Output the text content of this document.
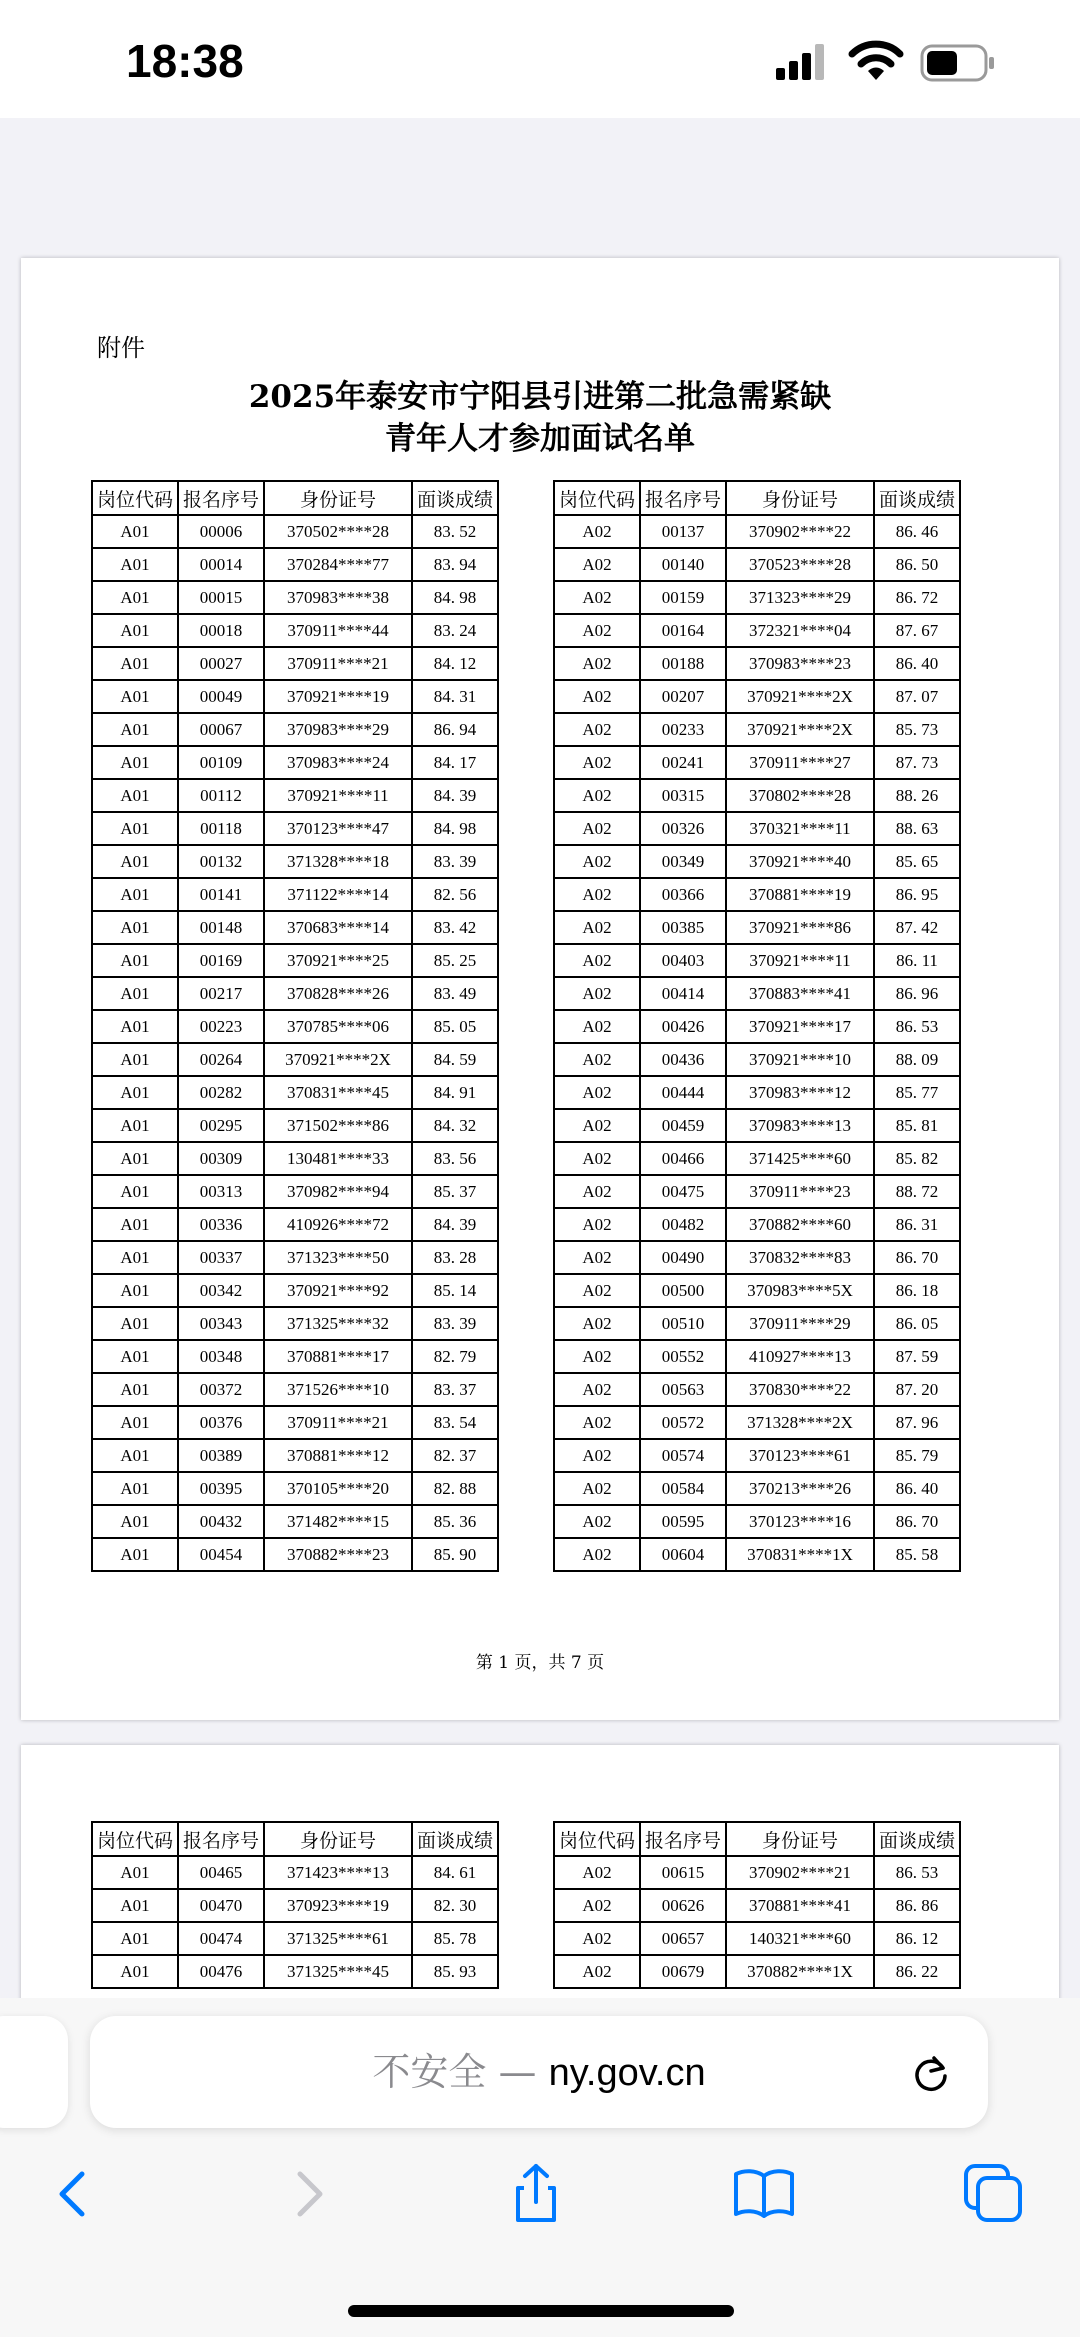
18:38
附件
2025年泰安市宁阳县引进第二批急需紧缺
青年人才参加面试名单
岗位代码	报名序号	身份证号	面谈成绩
A01	00006	370502****28	83. 52
A01	00014	370284****77	83. 94
A01	00015	370983****38	84. 98
A01	00018	370911****44	83. 24
A01	00027	370911****21	84. 12
A01	00049	370921****19	84. 31
A01	00067	370983****29	86. 94
A01	00109	370983****24	84. 17
A01	00112	370921****11	84. 39
A01	00118	370123****47	84. 98
A01	00132	371328****18	83. 39
A01	00141	371122****14	82. 56
A01	00148	370683****14	83. 42
A01	00169	370921****25	85. 25
A01	00217	370828****26	83. 49
A01	00223	370785****06	85. 05
A01	00264	370921****2X	84. 59
A01	00282	370831****45	84. 91
A01	00295	371502****86	84. 32
A01	00309	130481****33	83. 56
A01	00313	370982****94	85. 37
A01	00336	410926****72	84. 39
A01	00337	371323****50	83. 28
A01	00342	370921****92	85. 14
A01	00343	371325****32	83. 39
A01	00348	370881****17	82. 79
A01	00372	371526****10	83. 37
A01	00376	370911****21	83. 54
A01	00389	370881****12	82. 37
A01	00395	370105****20	82. 88
A01	00432	371482****15	85. 36
A01	00454	370882****23	85. 90
岗位代码	报名序号	身份证号	面谈成绩
A02	00137	370902****22	86. 46
A02	00140	370523****28	86. 50
A02	00159	371323****29	86. 72
A02	00164	372321****04	87. 67
A02	00188	370983****23	86. 40
A02	00207	370921****2X	87. 07
A02	00233	370921****2X	85. 73
A02	00241	370911****27	87. 73
A02	00315	370802****28	88. 26
A02	00326	370321****11	88. 63
A02	00349	370921****40	85. 65
A02	00366	370881****19	86. 95
A02	00385	370921****86	87. 42
A02	00403	370921****11	86. 11
A02	00414	370883****41	86. 96
A02	00426	370921****17	86. 53
A02	00436	370921****10	88. 09
A02	00444	370983****12	85. 77
A02	00459	370983****13	85. 81
A02	00466	371425****60	85. 82
A02	00475	370911****23	88. 72
A02	00482	370882****60	86. 31
A02	00490	370832****83	86. 70
A02	00500	370983****5X	86. 18
A02	00510	370911****29	86. 05
A02	00552	410927****13	87. 59
A02	00563	370830****22	87. 20
A02	00572	371328****2X	87. 96
A02	00574	370123****61	85. 79
A02	00584	370213****26	86. 40
A02	00595	370123****16	86. 70
A02	00604	370831****1X	85. 58
第 1 页，共 7 页
岗位代码	报名序号	身份证号	面谈成绩
A01	00465	371423****13	84. 61
A01	00470	370923****19	82. 30
A01	00474	371325****61	85. 78
A01	00476	371325****45	85. 93
岗位代码	报名序号	身份证号	面谈成绩
A02	00615	370902****21	86. 53
A02	00626	370881****41	86. 86
A02	00657	140321****60	86. 12
A02	00679	370882****1X	86. 22
不安全 — ny.gov.cn
